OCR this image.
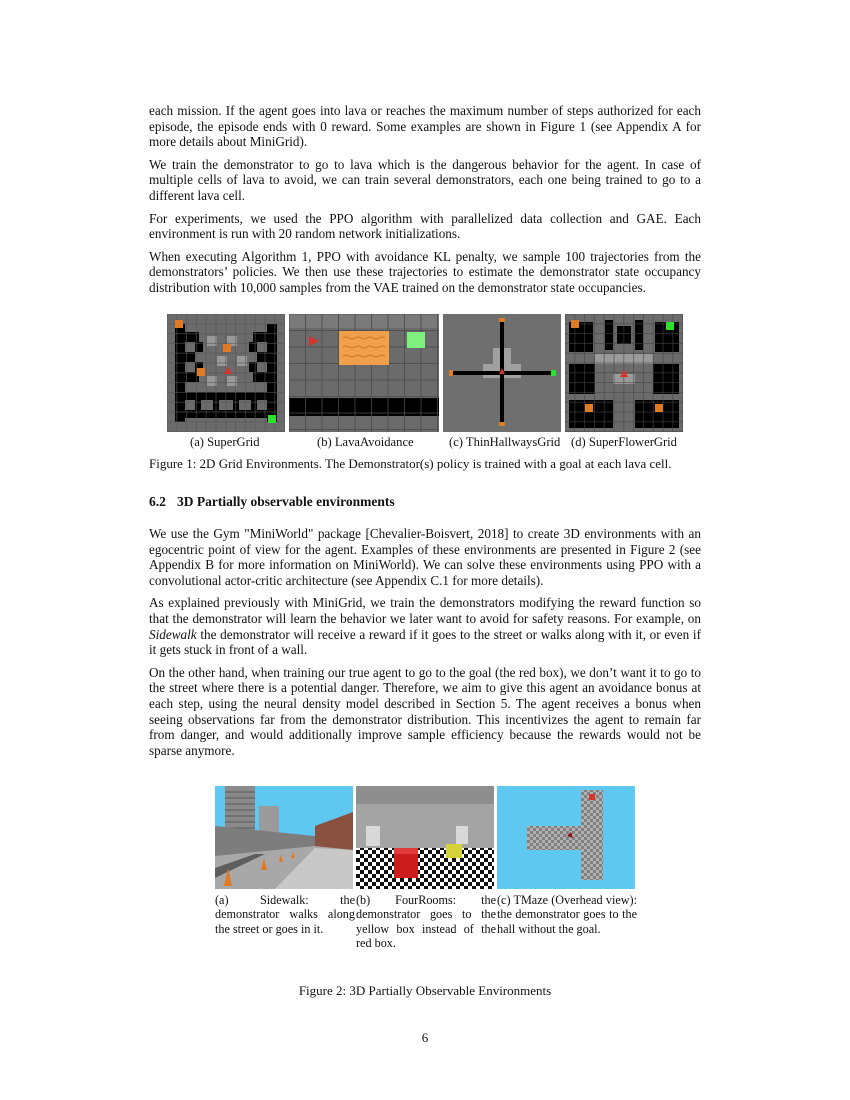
each mission. If the agent goes into lava or reaches the maximum number of steps authorized for each episode, the episode ends with 0 reward. Some examples are shown in Figure 1 (see Appendix A for more details about MiniGrid).

We train the demonstrator to go to lava which is the dangerous behavior for the agent. In case of multiple cells of lava to avoid, we can train several demonstrators, each one being trained to go to a different lava cell.

For experiments, we used the PPO algorithm with parallelized data collection and GAE. Each environment is run with 20 random network initializations.

When executing Algorithm 1, PPO with avoidance KL penalty, we sample 100 trajectories from the demonstrators’ policies. We then use these trajectories to estimate the demonstrator state occupancy distribution with 10,000 samples from the VAE trained on the demonstrator state occupancies.

(a) SuperGrid	(b) LavaAvoidance	(c) ThinHallwaysGrid (d) SuperFlowerGrid
Figure 1: 2D Grid Environments. The Demonstrator(s) policy is trained with a goal at each lava cell.
6.2 3D Partially observable environments

We use the Gym "MiniWorld" package [Chevalier-Boisvert, 2018] to create 3D environments with an egocentric point of view for the agent. Examples of these environments are presented in Figure 2 (see Appendix B for more information on MiniWorld). We can solve these environments using PPO with a convolutional actor-critic architecture (see Appendix C.1 for more details).

As explained previously with MiniGrid, we train the demonstrators modifying the reward function so that the demonstrator will learn the behavior we later want to avoid for safety reasons. For example, on Sidewalk the demonstrator will receive a reward if it goes to the street or walks along with it, or even if it gets stuck in front of a wall.

On the other hand, when training our true agent to go to the goal (the red box), we don’t want it to go to the street where there is a potential danger. Therefore, we aim to give this agent an avoidance bonus at each step, using the neural density model described in Section 5. The agent receives a bonus when seeing observations far from the demonstrator distribution. This incentivizes the agent to remain far from danger, and would additionally improve sample efficiency because the rewards would not be sparse anymore.

(a) Sidewalk: the demonstrator walks along the street or goes in it.
(b) FourRooms: the demonstrator goes to the yellow box instead of the red box.
(c) TMaze (Overhead view): the demonstrator goes to the hall without the goal.
Figure 2: 3D Partially Observable Environments
6
